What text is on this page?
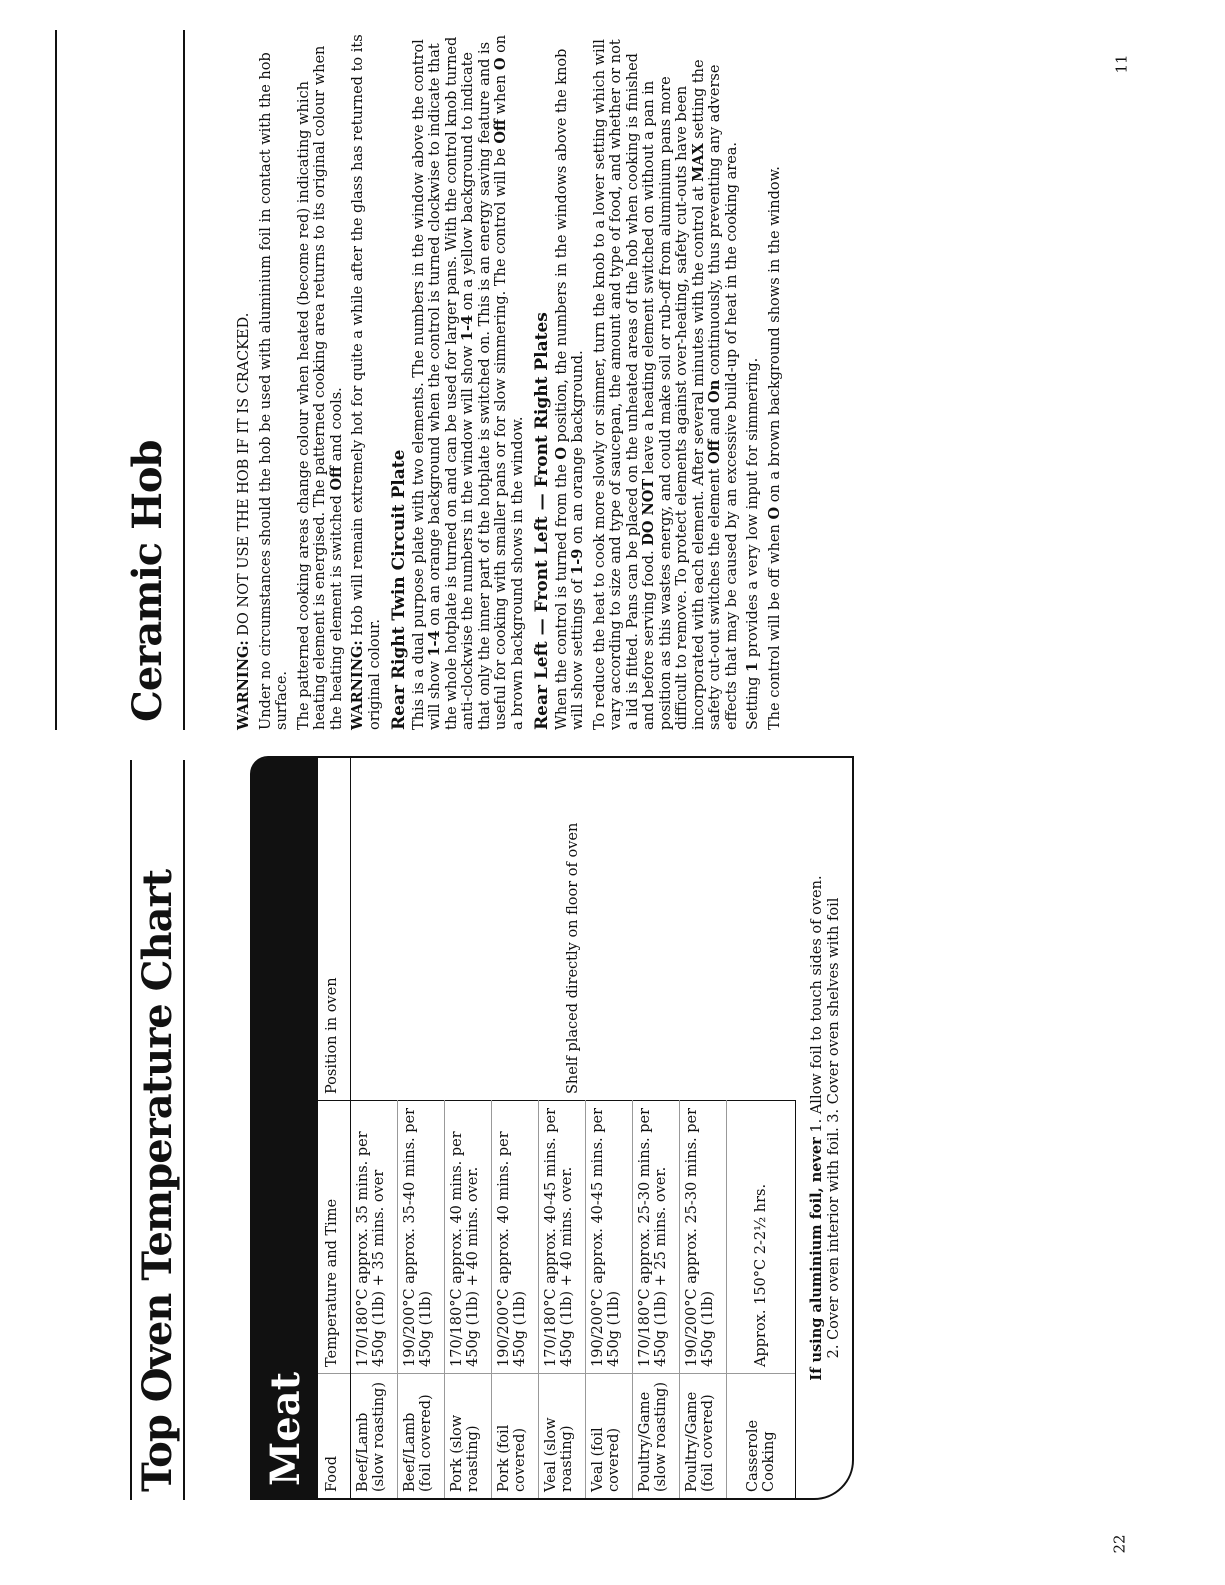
22
11
Top Oven Temperature Chart Meat Food	Temperature and Time	Position in oven
Beef/Lamb (slow roasting)	170/180°C approx. 35 mins. per 450g (1lb) + 35 mins. over	Shelf placed directly on floor of oven
Beef/Lamb (foil covered)	190/200°C approx. 35-40 mins. per 450g (1lb)	
Pork (slow roasting)	170/180°C approx. 40 mins. per 450g (1lb) + 40 mins. over.	
Pork (foil covered)	190/200°C approx. 40 mins. per 450g (1lb)	
Veal (slow roasting)	170/180°C approx. 40-45 mins. per 450g (1lb) + 40 mins. over.	
Veal (foil covered)	190/200°C approx. 40-45 mins. per 450g (1lb)	
Poultry/Game (slow roasting)	170/180°C approx. 25-30 mins. per 450g (1lb) + 25 mins. over.	
Poultry/Game (foil covered)	190/200°C approx. 25-30 mins. per 450g (1lb)	
Casserole Cooking	Approx. 150°C 2-2½ hrs.		If using aluminium foil, never 1. Allow foil to touch sides of oven.
2. Cover oven interior with foil. 3. Cover oven shelves with foil
Ceramic Hob	WARNING: DO NOT USE THE HOB IF IT IS CRACKED. Under no circumstances should the hob be used with aluminium foil in contact with the hob surface. The patterned cooking areas change colour when heated (become red) indicating which heating element is energised. The patterned cooking area returns to its original colour when the heating element is switched Off and cools.

WARNING: Hob will remain extremely hot for quite a while after the glass has returned to its original colour. Rear Right Twin Circuit Plate This is a dual purpose plate with two elements. The numbers in the window above the control will show 1-4 on an orange background when the control is turned clockwise to indicate that the whole hotplate is turned on and can be used for larger pans. With the control knob turned anti-clockwise the numbers in the window will show 1-4 on a yellow background to indicate that only the inner part of the hotplate is switched on. This is an energy saving feature and is useful for cooking with smaller pans or for slow simmering. The control will be Off when O on a brown background shows in the window. Rear Left — Front Left — Front Right Plates When the control is turned from the O position, the numbers in the windows above the knob will show settings of 1-9 on an orange background. To reduce the heat to cook more slowly or simmer, turn the knob to a lower setting which will vary according to size and type of saucepan, the amount and type of food, and whether or not a lid is fitted. Pans can be placed on the unheated areas of the hob when cooking is finished and before serving food. DO NOT leave a heating element switched on without a pan in position as this wastes energy, and could make soil or rub-off from aluminium pans more difficult to remove. To protect elements against over-heating, safety cut-outs have been incorporated with each element. After several minutes with the control at MAX setting the safety cut-out switches the element Off and On continuously, thus preventing any adverse effects that may be caused by an excessive build-up of heat in the cooking area. Setting 1 provides a very low input for simmering. The control will be off when O on a brown background shows in the window.
